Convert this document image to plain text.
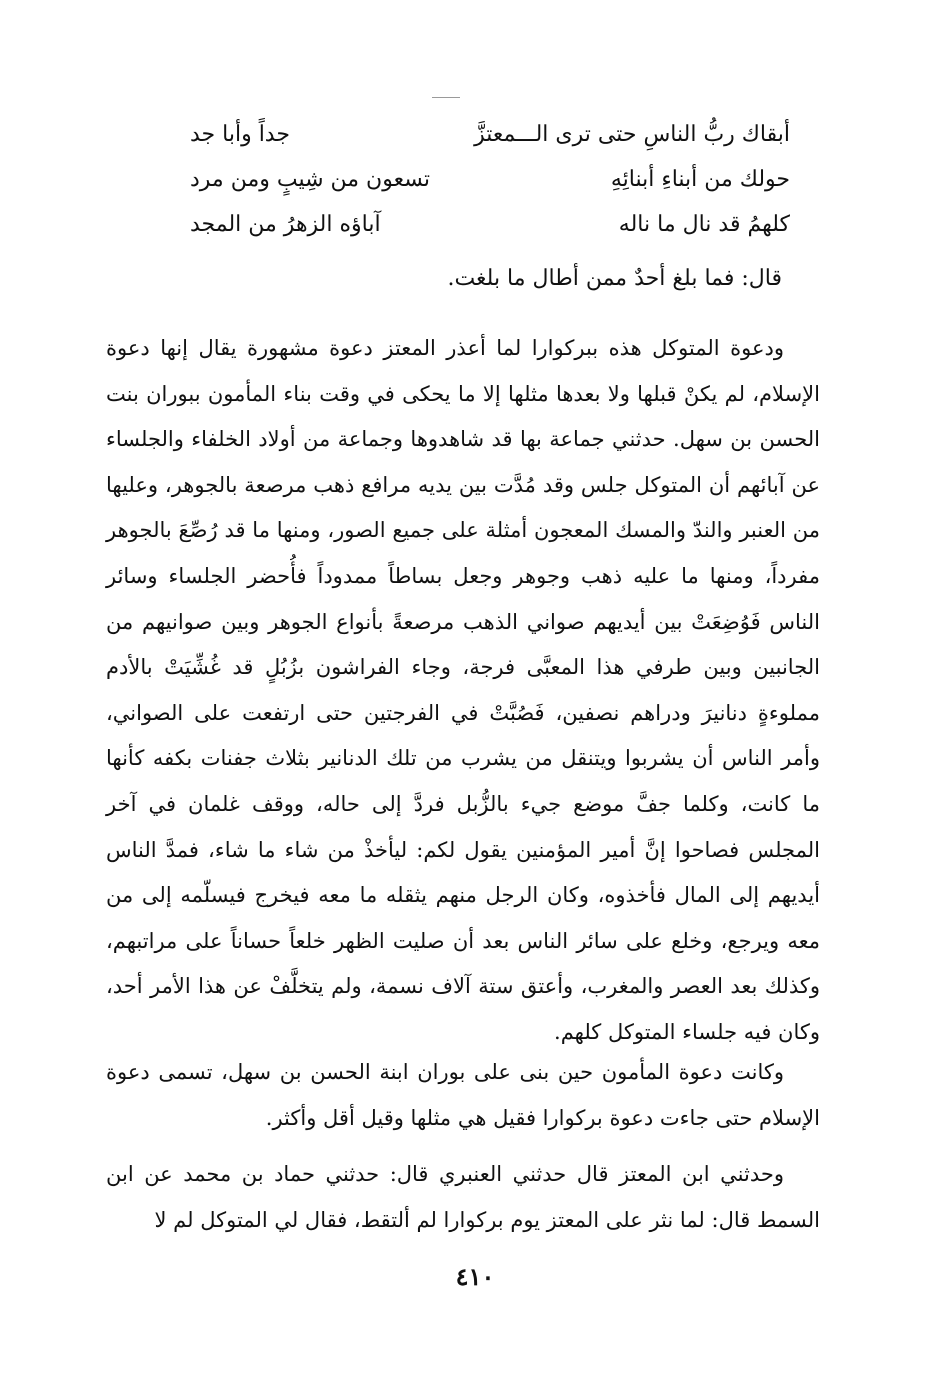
أبقاك ربُّ الناسِ حتى ترى الـــمعتزَّ
جداً وأبا جد
حولك من أبناءِ أبنائِهِ
تسعون من شِيبٍ ومن مرد
كلهمُ قد نال ما ناله
آباؤه الزهرُ من المجد
قال: فما بلغ أحدٌ ممن أطال ما بلغت.

ودعوة المتوكل هذه ببركوارا لما أعذر المعتز دعوة مشهورة يقال إنها دعوة الإسلام، لم يكنْ قبلها ولا بعدها مثلها إلا ما يحكى في وقت بناء المأمون ببوران بنت الحسن بن سهل. حدثني جماعة بها قد شاهدوها وجماعة من أولاد الخلفاء والجلساء عن آبائهم أن المتوكل جلس وقد مُدَّت بين يديه مرافع ذهب مرصعة بالجوهر، وعليها من العنبر والندّ والمسك المعجون أمثلة على جميع الصور، ومنها ما قد رُصِّعَ بالجوهر مفرداً، ومنها ما عليه ذهب وجوهر وجعل بساطاً ممدوداً فأُحضر الجلساء وسائر الناس فَوُضِعَتْ بين أيديهم صواني الذهب مرصعةً بأنواع الجوهر وبين صوانيهم من الجانبين وبين طرفي هذا المعبَّى فرجة، وجاء الفراشون بزُبُلٍ قد غُشِّيَتْ بالأدم مملوءةٍ دنانيرَ ودراهم نصفين، فَصُبَّتْ في الفرجتين حتى ارتفعت على الصواني، وأمر الناس أن يشربوا ويتنقل من يشرب من تلك الدنانير بثلاث جفنات بكفه كأنها ما كانت، وكلما جفَّ موضع جيء بالزُّبل فردَّ إلى حاله، ووقف غلمان في آخر المجلس فصاحوا إنَّ أمير المؤمنين يقول لكم: ليأخذْ من شاء ما شاء، فمدَّ الناس أيديهم إلى المال فأخذوه، وكان الرجل منهم يثقله ما معه فيخرج فيسلّمه إلى من معه ويرجع، وخلع على سائر الناس بعد أن صليت الظهر خلعاً حساناً على مراتبهم، وكذلك بعد العصر والمغرب، وأعتق ستة آلاف نسمة، ولم يتخلَّفْ عن هذا الأمر أحد، وكان فيه جلساء المتوكل كلهم.

وكانت دعوة المأمون حين بنى على بوران ابنة الحسن بن سهل، تسمى دعوة الإسلام حتى جاءت دعوة بركوارا فقيل هي مثلها وقيل أقل وأكثر.

وحدثني ابن المعتز قال حدثني العنبري قال: حدثني حماد بن محمد عن ابن السمط قال: لما نثر على المعتز يوم بركوارا لم ألتقط، فقال لي المتوكل لم لا

٤١٠
